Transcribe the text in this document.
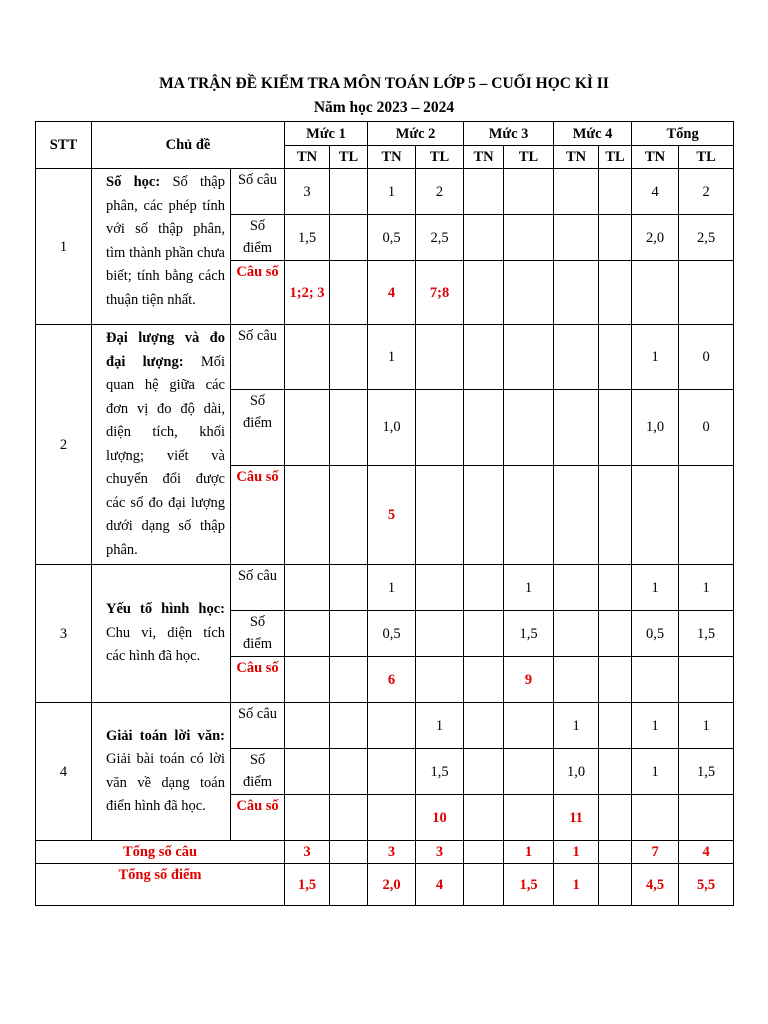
MA TRẬN ĐỀ KIỂM TRA MÔN TOÁN LỚP 5 – CUỐI HỌC KÌ II
Năm học 2023 – 2024
STT	Chủ đề		Mức 1		Mức 2		Mức 3		Mức 4		Tổng	
			TN	TL	TN	TL	TN	TL	TN	TL	TN	TL
1	Số học: Số thập phân, các phép tính với số thập phân, tìm thành phần chưa biết; tính bằng cách thuận tiện nhất.	Số câu	3		1	2					4	2
		Số điểm	1,5		0,5	2,5					2,0	2,5
		Câu số	1;2; 3		4	7;8						
2	Đại lượng và đo đại lượng: Mối quan hệ giữa các đơn vị đo độ dài, diện tích, khối lượng; viết và chuyển đổi được các số đo đại lượng dưới dạng số thập phân.	Số câu			1						1	0
		Số điểm			1,0						1,0	0
		Câu số			5							
3	Yếu tố hình học: Chu vi, diện tích các hình đã học.	Số câu			1			1			1	1
		Số điểm			0,5			1,5			0,5	1,5
		Câu số			6			9				
4	Giải toán lời văn: Giải bài toán có lời văn về dạng toán điển hình đã học.	Số câu				1			1		1	1
		Số điểm				1,5			1,0		1	1,5
		Câu số				10			11			
Tổng số câu			3		3	3		1	1		7	4
Tổng số điểm			1,5		2,0	4		1,5	1		4,5	5,5
